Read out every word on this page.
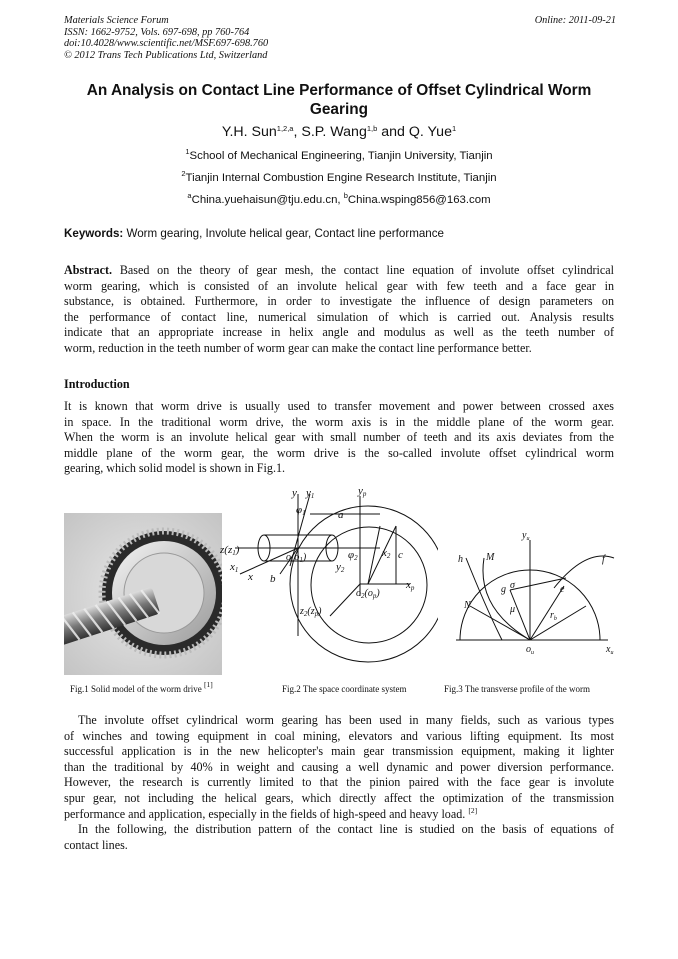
Materials Science Forum
ISSN: 1662-9752, Vols. 697-698, pp 760-764
doi:10.4028/www.scientific.net/MSF.697-698.760
© 2012 Trans Tech Publications Ltd, Switzerland
Online: 2011-09-21
An Analysis on Contact Line Performance of Offset Cylindrical Worm Gearing
Y.H. Sun$^{1,2,a}$, S.P. Wang$^{1,b}$ and Q. Yue$^1$
$^1$School of Mechanical Engineering, Tianjin University, Tianjin
$^2$Tianjin Internal Combustion Engine Research Institute, Tianjin
$^a$China.yuehaisun@tju.edu.cn, $^b$China.wsping856@163.com
Keywords: Worm gearing, Involute helical gear, Contact line performance
Abstract. Based on the theory of gear mesh, the contact line equation of involute offset cylindrical
worm gearing, which is consisted of an involute helical gear with few teeth and a face gear in
substance, is obtained. Furthermore, in order to investigate the influence of design parameters on
the performance of contact line, numerical simulation of which is carried out. Analysis results
indicate that an appropriate increase in helix angle and modulus as well as the teeth number of
worm, reduction in the teeth number of worm gear can make the contact line performance better.
Introduction
It is known that worm drive is usually used to transfer movement and power between crossed axes
in space. In the traditional worm drive, the worm axis is in the middle plane of the worm gear.
When the worm is an involute helical gear with small number of teeth and its axis deviates from the
middle plane of the worm gear, the worm drive is the so-called involute offset cylindrical worm
gearing, which solid model is shown in Fig.1.
y y1	yp
φ1	a
z(z1)
$o(o_1)$
x1
x b
φ2 x2 c
y2
xp
$o_2(o_p)$
$z_2(z_p)$
$y_u$
h M	f
σ
g	e
N	μ
$r_b$
$x_u$
$o_u$
Fig.1 Solid model of the worm drive [1]	Fig.2 The space coordinate system	Fig.3 The transverse profile of the worm
The involute offset cylindrical worm gearing has been used in many fields, such as various types
of winches and towing equipment in coal mining, elevators and various lifting equipment. Its most
successful application is in the new helicopter's main gear transmission equipment, making it lighter
than the traditional by 40% in weight and causing a well dynamic and power diversion performance.
However, the research is currently limited to that the pinion paired with the face gear is involute
spur gear, not including the helical gears, which directly affect the optimization of the transmission
performance and application, especially in the fields of high-speed and heavy load. [2]
In the following, the distribution pattern of the contact line is studied on the basis of equations of
contact lines.
